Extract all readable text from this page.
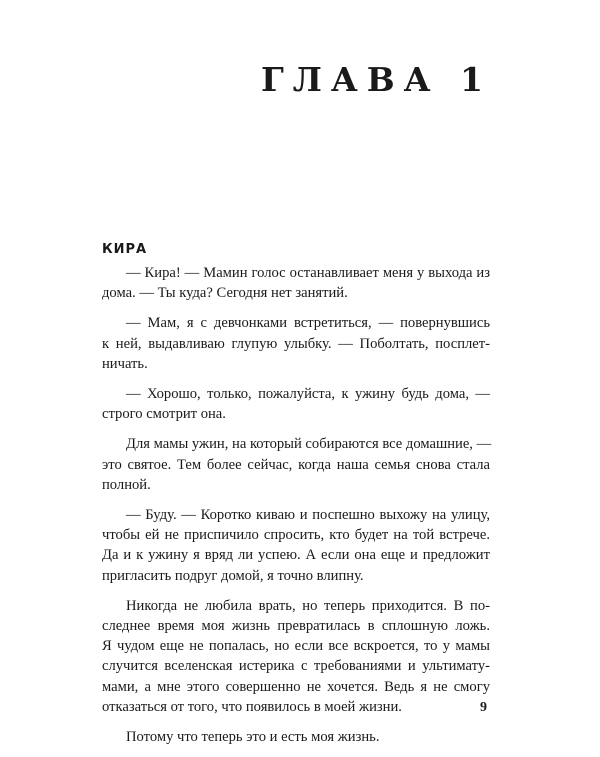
ГЛАВА 1
КИРА
— Кира! — Мамин голос останавливает меня у выхода из
дома. — Ты куда? Сегодня нет занятий.
— Мам, я с девчонками встретиться, — повернувшись
к ней, выдавливаю глупую улыбку. — Поболтать, посплет-
ничать.
— Хорошо, только, пожалуйста, к ужину будь дома, —
строго смотрит она.
Для мамы ужин, на который собираются все домашние, —
это святое. Тем более сейчас, когда наша семья снова стала
полной.
— Буду. — Коротко киваю и поспешно выхожу на улицу,
чтобы ей не приспичило спросить, кто будет на той встрече.
Да и к ужину я вряд ли успею. А если она еще и предложит
пригласить подруг домой, я точно влипну.
Никогда не любила врать, но теперь приходится. В по-
следнее время моя жизнь превратилась в сплошную ложь.
Я чудом еще не попалась, но если все вскроется, то у мамы
случится вселенская истерика с требованиями и ультимату-
мами, а мне этого совершенно не хочется. Ведь я не смогу
отказаться от того, что появилось в моей жизни.
Потому что теперь это и есть моя жизнь.
9
